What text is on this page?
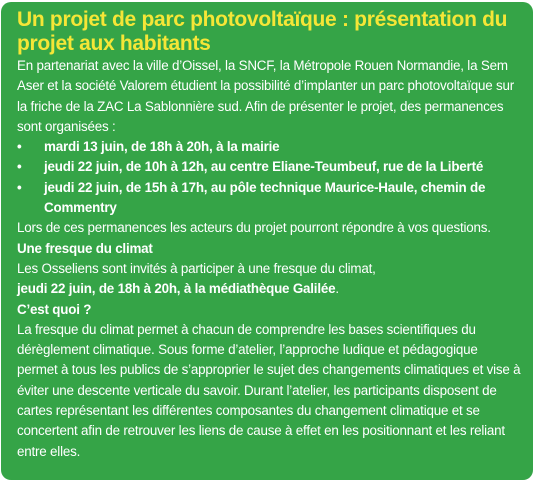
Un projet de parc photovoltaïque : présentation du projet aux habitants

En partenariat avec la ville d’Oissel, la SNCF, la Métropole Rouen Normandie, la Sem Aser et la société Valorem étudient la possibilité d’implanter un parc photovoltaïque sur la friche de la ZAC La Sablonnière sud. Afin de présenter le projet, des permanences sont organisées :

• mardi 13 juin, de 18h à 20h, à la mairie
• jeudi 22 juin, de 10h à 12h, au centre Eliane-Teumbeuf, rue de la Liberté
• jeudi 22 juin, de 15h à 17h, au pôle technique Maurice-Haule, chemin de Commentry

Lors de ces permanences les acteurs du projet pourront répondre à vos questions.

Une fresque du climat

Les Osseliens sont invités à participer à une fresque du climat,

jeudi 22 juin, de 18h à 20h, à la médiathèque Galilée.

C’est quoi ?

La fresque du climat permet à chacun de comprendre les bases scientifiques du dérèglement climatique. Sous forme d’atelier, l’approche ludique et pédagogique permet à tous les publics de s’approprier le sujet des changements climatiques et vise à éviter une descente verticale du savoir. Durant l’atelier, les participants disposent de cartes représentant les différentes composantes du changement climatique et se concertent afin de retrouver les liens de cause à effet en les positionnant et les reliant entre elles.
